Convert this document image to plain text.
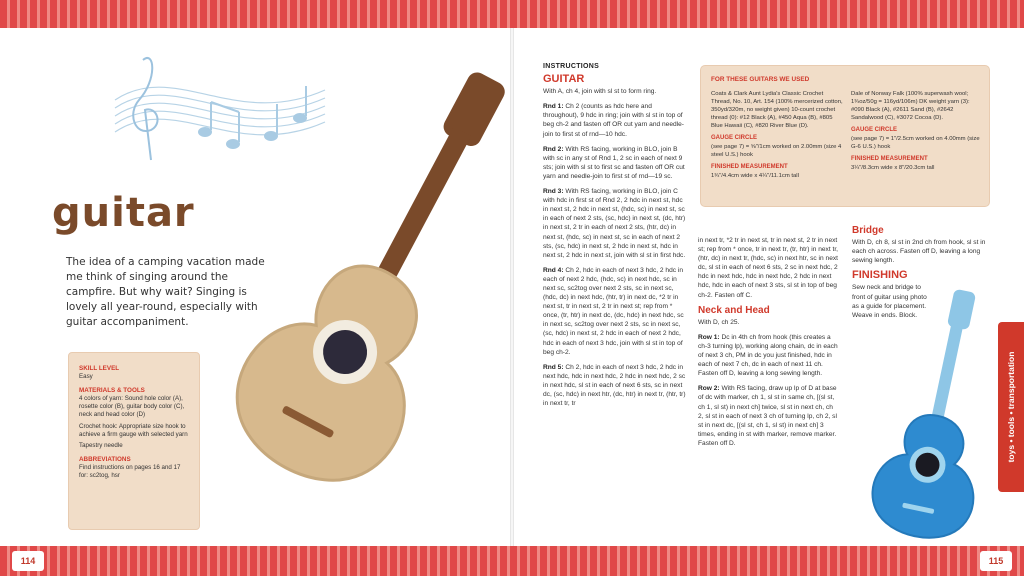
guitar

The idea of a camping vacation made me think of singing around the campfire. But why wait? Singing is lovely all year-round, especially with guitar accompaniment.

SKILL LEVEL

Easy

MATERIALS & TOOLS

4 colors of yarn: Sound hole color (A), rosette color (B), guitar body color (C), neck and head color (D)

Crochet hook: Appropriate size hook to achieve a firm gauge with selected yarn

Tapestry needle

ABBREVIATIONS

Find instructions on pages 16 and 17 for: sc2tog, hsr

114
INSTRUCTIONS
GUITAR

With A, ch 4, join with sl st to form ring.

Rnd 1: Ch 2 (counts as hdc here and throughout), 9 hdc in ring; join with sl st in top of beg ch-2 and fasten off OR cut yarn and needle-join to first st of rnd—10 hdc.

Rnd 2: With RS facing, working in BLO, join B with sc in any st of Rnd 1, 2 sc in each of next 9 sts; join with sl st to first sc and fasten off OR cut yarn and needle-join to first st of rnd—19 sc.

Rnd 3: With RS facing, working in BLO, join C with hdc in first st of Rnd 2, 2 hdc in next st, hdc in next st, 2 hdc in next st, (hdc, sc) in next st, sc in each of next 2 sts, (sc, hdc) in next st, (dc, htr) in next st, 2 tr in each of next 2 sts, (htr, dc) in next st, (hdc, sc) in next st, sc in each of next 2 sts, (sc, hdc) in next st, 2 hdc in next st, hdc in next st, 2 hdc in next st, join with sl st in first hdc.

Rnd 4: Ch 2, hdc in each of next 3 hdc, 2 hdc in each of next 2 hdc, (hdc, sc) in next hdc, sc in next sc, sc2tog over next 2 sts, sc in next sc, (hdc, dc) in next hdc, (htr, tr) in next dc, *2 tr in next st, tr in next st, 2 tr in next st; rep from * once, (tr, htr) in next dc, (dc, hdc) in next hdc, sc in next sc, sc2tog over next 2 sts, sc in next sc, (sc, hdc) in next st, 2 hdc in each of next 2 hdc, hdc in each of next 3 hdc, join with sl st in top of beg ch-2.

Rnd 5: Ch 2, hdc in each of next 3 hdc, 2 hdc in next hdc, hdc in next hdc, 2 hdc in next hdc, 2 sc in next hdc, sl st in each of next 6 sts, sc in next dc, (sc, hdc) in next htr, (dc, htr) in next tr, (htr, tr) in next tr, tr

in next tr, *2 tr in next st, tr in next st, 2 tr in next st; rep from * once, tr in next tr, (tr, htr) in next tr, (htr, dc) in next tr, (hdc, sc) in next htr, sc in next dc, sl st in each of next 6 sts, 2 sc in next hdc, 2 hdc in next hdc, hdc in next hdc, 2 hdc in next hdc, hdc in each of next 3 sts, sl st in top of beg ch-2. Fasten off C.

Neck and Head

With D, ch 25.

Row 1: Dc in 4th ch from hook (this creates a ch-3 turning lp), working along chain, dc in each of next 3 ch, PM in dc you just finished, hdc in each of next 7 ch, dc in each of next 11 ch. Fasten off D, leaving a long sewing length.

Row 2: With RS facing, draw up lp of D at base of dc with marker, ch 1, sl st in same ch, [(sl st, ch 1, sl st) in next ch] twice, sl st in next ch, ch 2, sl st in each of next 3 ch of turning lp, ch 2, sl st in next dc, [(sl st, ch 1, sl st) in next ch] 3 times, ending in st with marker, remove marker. Fasten off D.

Bridge

With D, ch 8, sl st in 2nd ch from hook, sl st in each ch across. Fasten off D, leaving a long sewing length.

FINISHING

Sew neck and bridge to front of guitar using photo as a guide for placement. Weave in ends. Block.

FOR THESE GUITARS WE USED

Coats & Clark Aunt Lydia's Classic Crochet Thread, No. 10, Art. 154 (100% mercerized cotton, 350yd/320m, no weight given) 10-count crochet thread (0): #12 Black (A), #450 Aqua (B), #805 Blue Hawaii (C), #820 River Blue (D).

GAUGE CIRCLE

(see page 7) = ⅝"/1cm worked on 2.00mm (size 4 steel U.S.) hook

FINISHED MEASUREMENT

1¾"/4.4cm wide x 4¼"/11.1cm tall

Dale of Norway Falk (100% superwash wool; 1¾oz/50g = 116yd/106m) DK weight yarn (3): #090 Black (A), #2611 Sand (B), #2642 Sandalwood (C), #3072 Cocoa (D).

GAUGE CIRCLE

(see page 7) = 1"/2.5cm worked on 4.00mm (size G-6 U.S.) hook

FINISHED MEASUREMENT

3¼"/8.3cm wide x 8"/20.3cm tall

toys • tools • transportation
115
